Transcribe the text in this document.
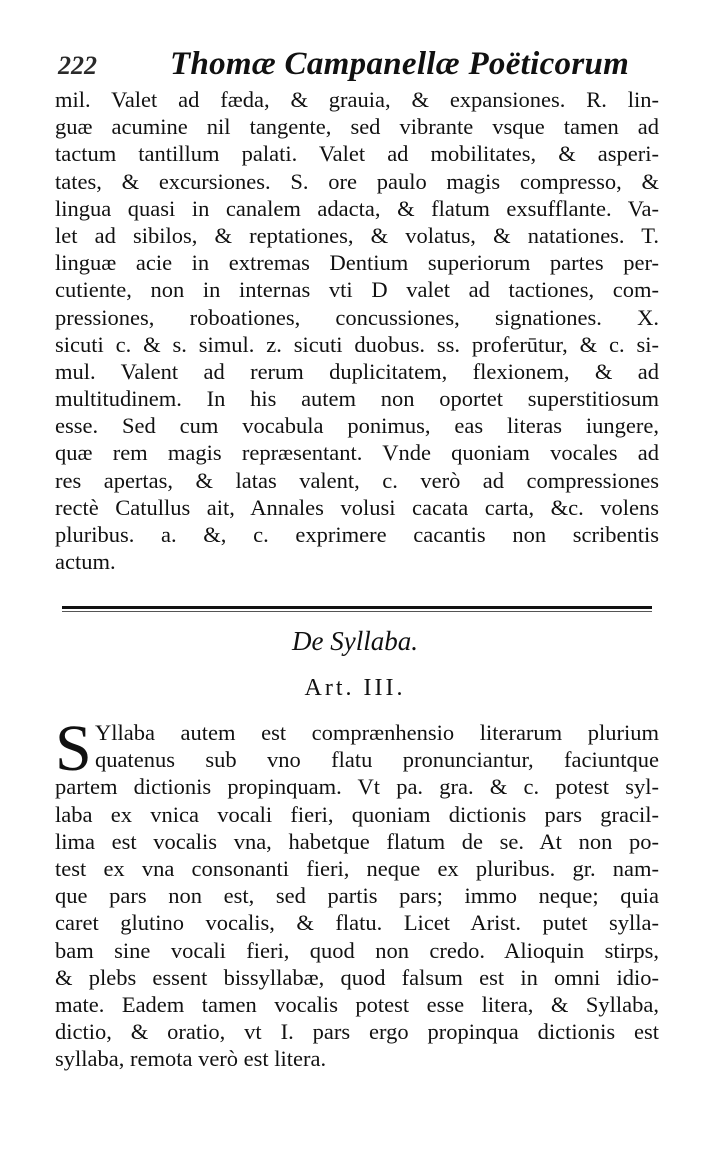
222	Thomæ Campanellæ Poëticorum
mil. Valet ad fæda, & grauia, & expansiones. R. lin-
guæ acumine nil tangente, sed vibrante vsque tamen ad
tactum tantillum palati. Valet ad mobilitates, & asperi-
tates, & excursiones. S. ore paulo magis compresso, &
lingua quasi in canalem adacta, & flatum exsufflante. Va-
let ad sibilos, & reptationes, & volatus, & natationes. T.
linguæ acie in extremas Dentium superiorum partes per-
cutiente, non in internas vti D valet ad tactiones, com-
pressiones, roboationes, concussiones, signationes. X.
sicuti c. & s. simul. z. sicuti duobus. ss. proferūtur, & c. si-
mul. Valent ad rerum duplicitatem, flexionem, & ad
multitudinem. In his autem non oportet superstitiosum
esse. Sed cum vocabula ponimus, eas literas iungere,
quæ rem magis repræsentant. Vnde quoniam vocales ad
res apertas, & latas valent, c. verò ad compressiones
rectè Catullus ait, Annales volusi cacata carta, &c. volens
pluribus. a. &, c. exprimere cacantis non scribentis
actum.
De Syllaba.
Art. III.
S Yllaba autem est comprænhensio literarum plurium
quatenus sub vno flatu pronunciantur, faciuntque
partem dictionis propinquam. Vt pa. gra. & c. potest syl-
laba ex vnica vocali fieri, quoniam dictionis pars gracil-
lima est vocalis vna, habetque flatum de se. At non po-
test ex vna consonanti fieri, neque ex pluribus. gr. nam-
que pars non est, sed partis pars; immo neque; quia
caret glutino vocalis, & flatu. Licet Arist. putet sylla-
bam sine vocali fieri, quod non credo. Alioquin stirps,
& plebs essent bissyllabæ, quod falsum est in omni idio-
mate. Eadem tamen vocalis potest esse litera, & Syllaba,
dictio, & oratio, vt I. pars ergo propinqua dictionis est
syllaba, remota verò est litera.
